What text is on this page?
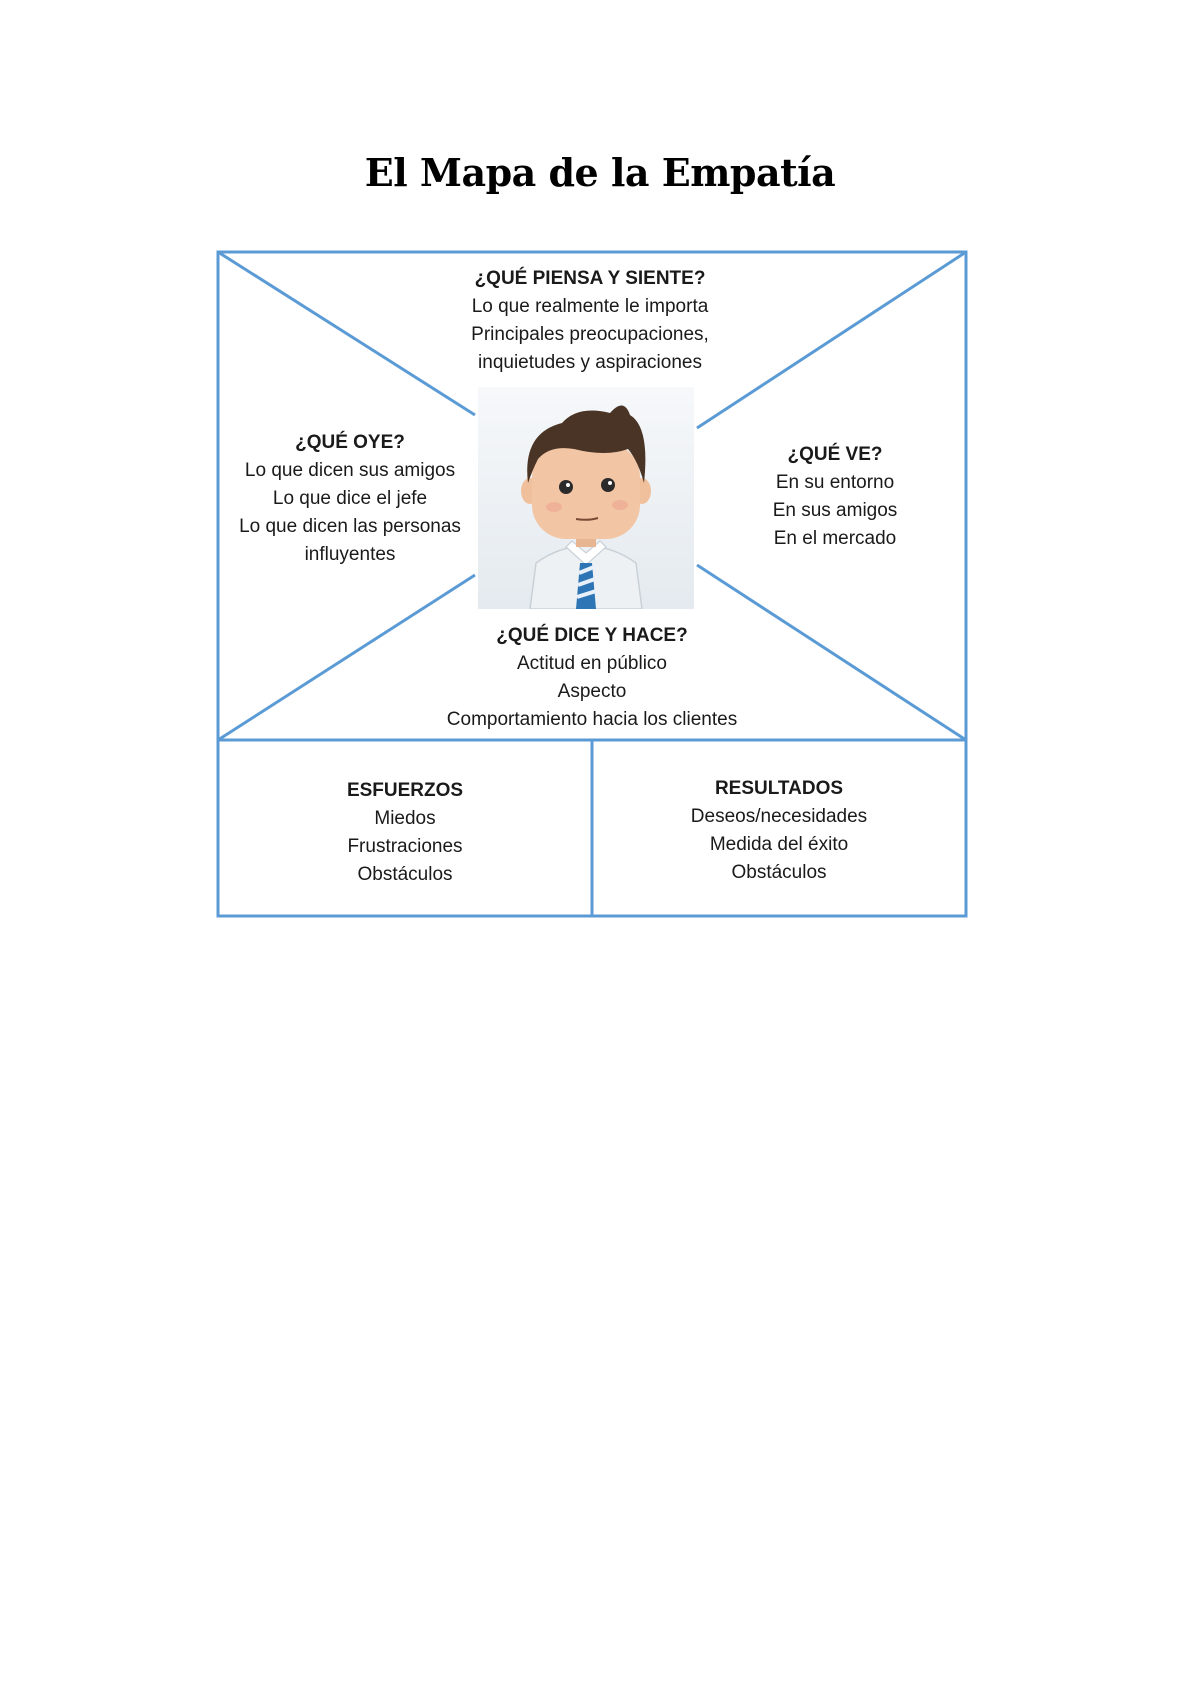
El Mapa de la Empatía
¿QUÉ PIENSA Y SIENTE?
Lo que realmente le importa
Principales preocupaciones,
inquietudes y aspiraciones
¿QUÉ OYE?
Lo que dicen sus amigos
Lo que dice el jefe
Lo que dicen las personas
influyentes
¿QUÉ VE?
En su entorno
En sus amigos
En el mercado
¿QUÉ DICE Y HACE?
Actitud en público
Aspecto
Comportamiento hacia los clientes
ESFUERZOS
Miedos
Frustraciones
Obstáculos
RESULTADOS
Deseos/necesidades
Medida del éxito
Obstáculos
